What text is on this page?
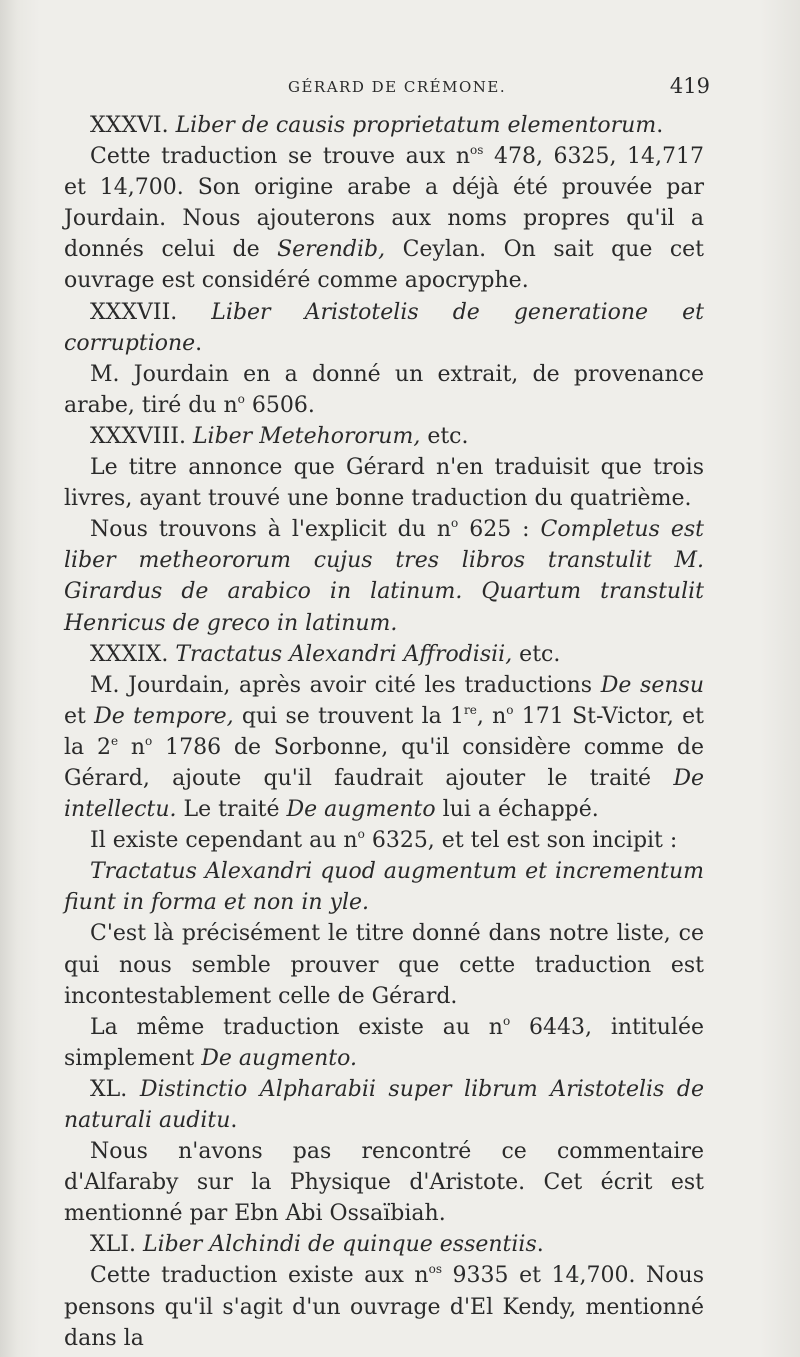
GÉRARD DE CRÉMONE.	419

XXXVI. Liber de causis proprietatum elementorum.

Cette traduction se trouve aux $n^{os}$ 478, 6325, 14,717 et 14,700. Son origine arabe a déjà été prouvée par Jourdain. Nous ajouterons aux noms propres qu'il a donnés celui de Serendib, Ceylan. On sait que cet ouvrage est considéré comme apocryphe.

XXXVII. Liber Aristotelis de generatione et corruptione.

M. Jourdain en a donné un extrait, de provenance arabe, tiré du $n^o$ 6506.

XXXVIII. Liber Metehororum, etc.

Le titre annonce que Gérard n'en traduisit que trois livres, ayant trouvé une bonne traduction du quatrième.

Nous trouvons à l'explicit du $n^o$ 625 : Completus est liber metheororum cujus tres libros transtulit M. Girardus de arabico in latinum. Quartum transtulit Henricus de greco in latinum.

XXXIX. Tractatus Alexandri Affrodisii, etc.

M. Jourdain, après avoir cité les traductions De sensu et De tempore, qui se trouvent la 1re, $n^o$ 171 St-Victor, et la 2e $n^o$ 1786 de Sorbonne, qu'il considère comme de Gérard, ajoute qu'il faudrait ajouter le traité De intellectu. Le traité De augmento lui a échappé.

Il existe cependant au $n^o$ 6325, et tel est son incipit :

Tractatus Alexandri quod augmentum et incrementum fiunt in forma et non in yle.

C'est là précisément le titre donné dans notre liste, ce qui nous semble prouver que cette traduction est incontestablement celle de Gérard.

La même traduction existe au $n^o$ 6443, intitulée simplement De augmento.

XL. Distinctio Alpharabii super librum Aristotelis de naturali auditu.

Nous n'avons pas rencontré ce commentaire d'Alfaraby sur la Physique d'Aristote. Cet écrit est mentionné par Ebn Abi Ossaïbiah.

XLI. Liber Alchindi de quinque essentiis.

Cette traduction existe aux $n^{os}$ 9335 et 14,700. Nous pensons qu'il s'agit d'un ouvrage d'El Kendy, mentionné dans la
